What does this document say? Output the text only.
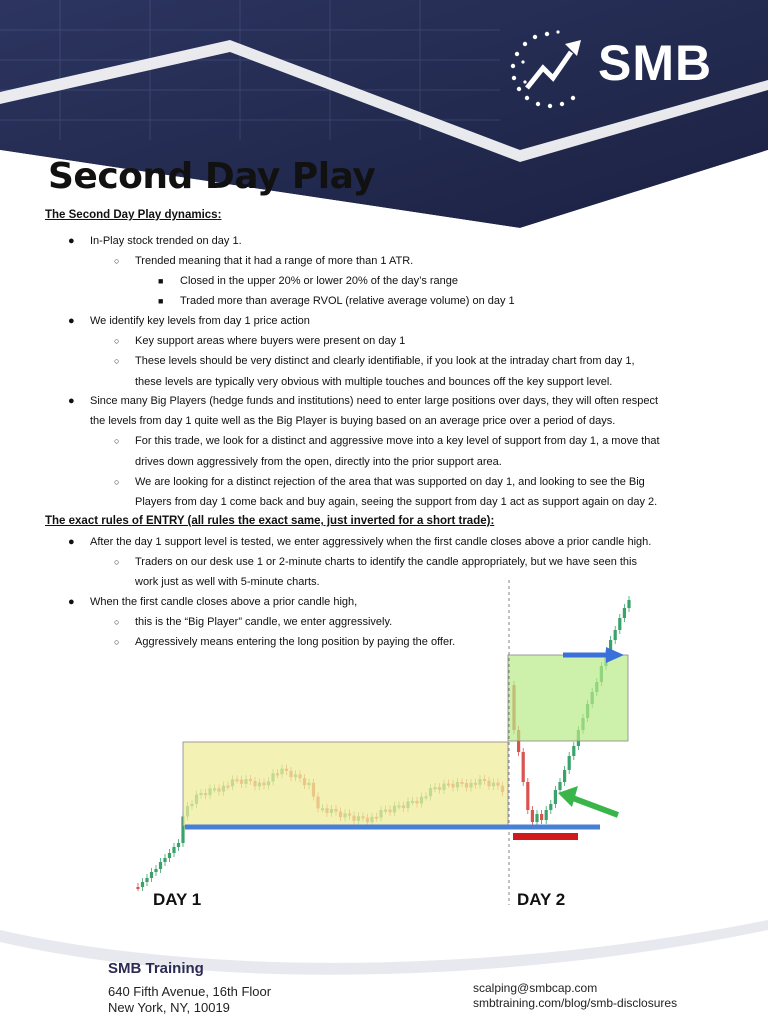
SMB
Second Day Play
The Second Day Play dynamics:
● In-Play stock trended on day 1.
○ Trended meaning that it had a range of more than 1 ATR.
■ Closed in the upper 20% or lower 20% of the day’s range
■ Traded more than average RVOL (relative average volume) on day 1
● We identify key levels from day 1 price action
○ Key support areas where buyers were present on day 1
○ These levels should be very distinct and clearly identifiable, if you look at the intraday chart from day 1,
these levels are typically very obvious with multiple touches and bounces off the key support level.
● Since many Big Players (hedge funds and institutions) need to enter large positions over days, they will often respect
the levels from day 1 quite well as the Big Player is buying based on an average price over a period of days.
○ For this trade, we look for a distinct and aggressive move into a key level of support from day 1, a move that
drives down aggressively from the open, directly into the prior support area.
○ We are looking for a distinct rejection of the area that was supported on day 1, and looking to see the Big
Players from day 1 come back and buy again, seeing the support from day 1 act as support again on day 2.
The exact rules of ENTRY (all rules the exact same, just inverted for a short trade):
● After the day 1 support level is tested, we enter aggressively when the first candle closes above a prior candle high.
○ Traders on our desk use 1 or 2-minute charts to identify the candle appropriately, but we have seen this
work just as well with 5-minute charts.
● When the first candle closes above a prior candle high,
○ this is the “Big Player” candle, we enter aggressively.
○ Aggressively means entering the long position by paying the offer.
DAY 1	DAY 2
SMB Training
640 Fifth Avenue, 16th Floor
New York, NY, 10019
scalping@smbcap.com
smbtraining.com/blog/smb-disclosures
